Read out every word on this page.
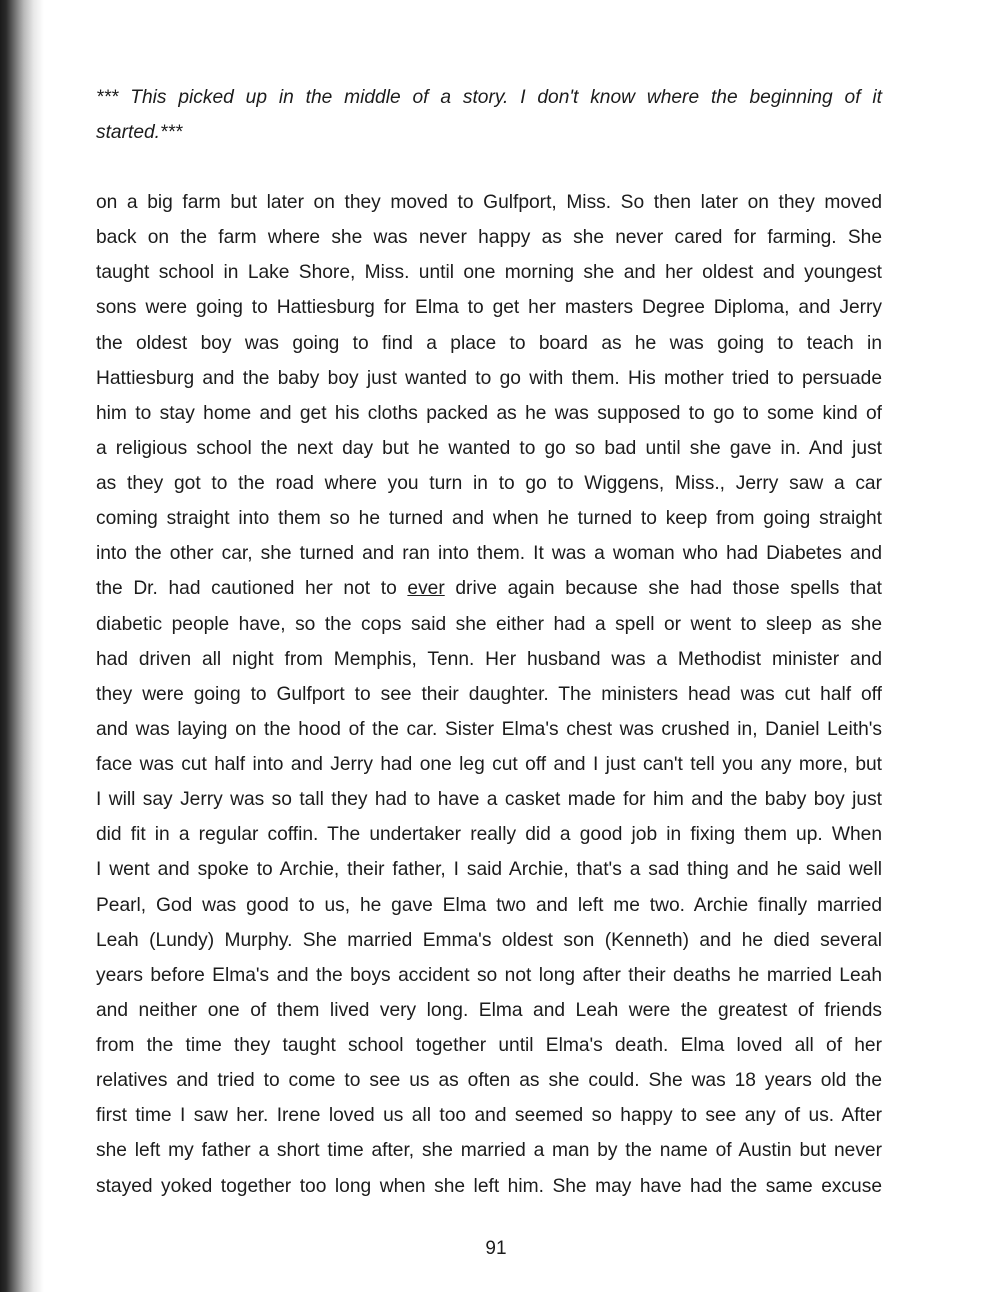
*** This picked up in the middle of a story. I don't know where the beginning of it
started.***
on a big farm but later on they moved to Gulfport, Miss. So then later on they moved
back on the farm where she was never happy as she never cared for farming. She
taught school in Lake Shore, Miss. until one morning she and her oldest and youngest
sons were going to Hattiesburg for Elma to get her masters Degree Diploma, and Jerry
the oldest boy was going to find a place to board as he was going to teach in
Hattiesburg and the baby boy just wanted to go with them. His mother tried to persuade
him to stay home and get his cloths packed as he was supposed to go to some kind of
a religious school the next day but he wanted to go so bad until she gave in. And just
as they got to the road where you turn in to go to Wiggens, Miss., Jerry saw a car
coming straight into them so he turned and when he turned to keep from going straight
into the other car, she turned and ran into them. It was a woman who had Diabetes and
the Dr. had cautioned her not to ever drive again because she had those spells that
diabetic people have, so the cops said she either had a spell or went to sleep as she
had driven all night from Memphis, Tenn. Her husband was a Methodist minister and
they were going to Gulfport to see their daughter. The ministers head was cut half off
and was laying on the hood of the car. Sister Elma's chest was crushed in, Daniel Leith's
face was cut half into and Jerry had one leg cut off and I just can't tell you any more, but
I will say Jerry was so tall they had to have a casket made for him and the baby boy just
did fit in a regular coffin. The undertaker really did a good job in fixing them up. When
I went and spoke to Archie, their father, I said Archie, that's a sad thing and he said well
Pearl, God was good to us, he gave Elma two and left me two. Archie finally married
Leah (Lundy) Murphy. She married Emma's oldest son (Kenneth) and he died several
years before Elma's and the boys accident so not long after their deaths he married Leah
and neither one of them lived very long. Elma and Leah were the greatest of friends
from the time they taught school together until Elma's death. Elma loved all of her
relatives and tried to come to see us as often as she could. She was 18 years old the
first time I saw her. Irene loved us all too and seemed so happy to see any of us. After
she left my father a short time after, she married a man by the name of Austin but never
stayed yoked together too long when she left him. She may have had the same excuse
91
